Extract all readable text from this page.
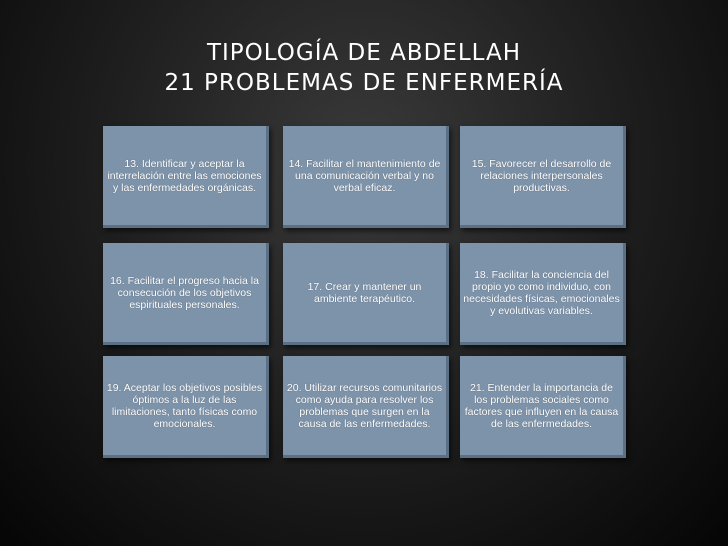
TIPOLOGÍA DE ABDELLAH
21 PROBLEMAS DE ENFERMERÍA
13. Identificar y aceptar la interrelación entre las emociones y las enfermedades orgánicas.
14. Facilitar el mantenimiento de una comunicación verbal y no verbal eficaz.
15. Favorecer el desarrollo de relaciones interpersonales productivas.
16. Facilitar el progreso hacia la consecución de los objetivos espirituales personales.
17. Crear y mantener un ambiente terapéutico.
18. Facilitar la conciencia del propio yo como individuo, con necesidades físicas, emocionales y evolutivas variables.
19. Aceptar los objetivos posibles óptimos a la luz de las limitaciones, tanto físicas como emocionales.
20. Utilizar recursos comunitarios como ayuda para resolver los problemas que surgen en la causa de las enfermedades.
21. Entender la importancia de los problemas sociales como factores que influyen en la causa de las enfermedades.
